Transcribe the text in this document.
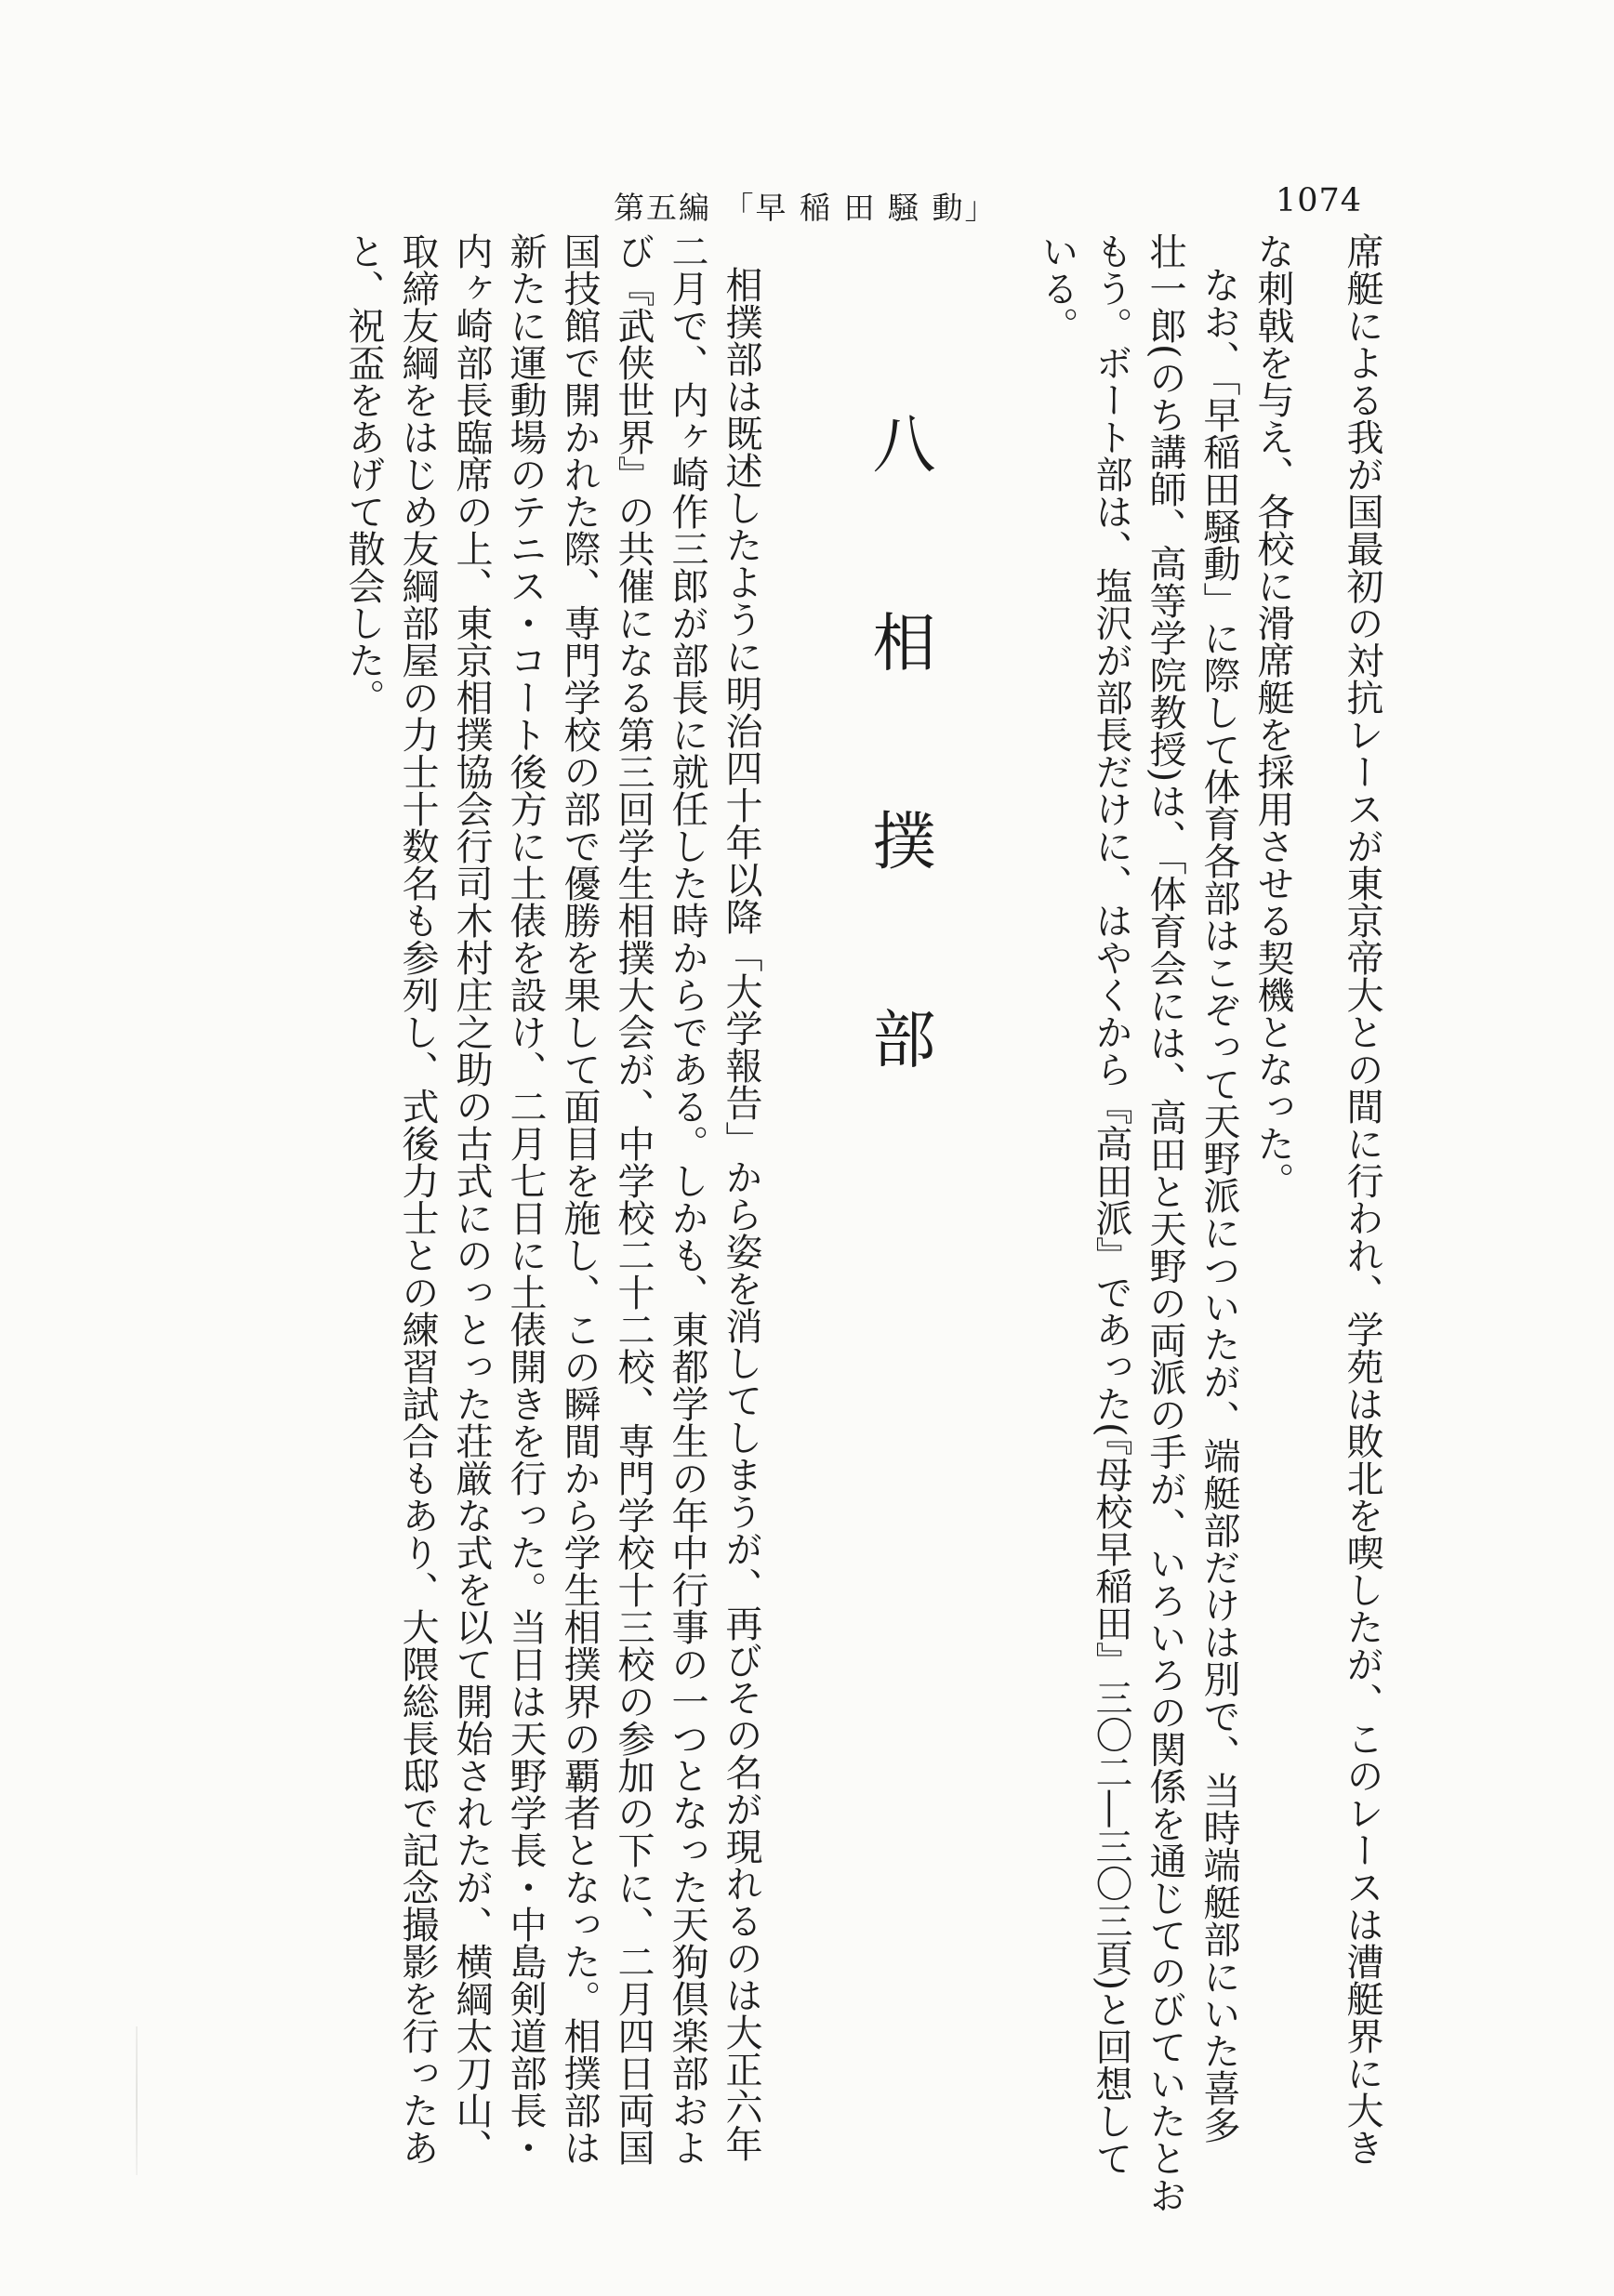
第五編 「早 稲 田 騒 動」	1074
席艇による我が国最初の対抗レースが東京帝大との間に行われ、学苑は敗北を喫したが、このレースは漕艇界に大き
な刺戟を与え、各校に滑席艇を採用させる契機となった。
なお、「早稲田騒動」に際して体育各部はこぞって天野派についたが、端艇部だけは別で、当時端艇部にいた喜多
壮一郎(のち講師、高等学院教授)は、「体育会には、高田と天野の両派の手が、いろいろの関係を通じてのびていたとお
もう。ボート部は、塩沢が部長だけに、はやくから『高田派』であった(『母校早稲田』三〇二―三〇三頁)と回想して
いる。
八 相 撲 部
相撲部は既述したように明治四十年以降「大学報告」から姿を消してしまうが、再びその名が現れるのは大正六年
二月で、内ヶ崎作三郎が部長に就任した時からである。しかも、東都学生の年中行事の一つとなった天狗倶楽部およ
び『武侠世界』の共催になる第三回学生相撲大会が、中学校二十二校、専門学校十三校の参加の下に、二月四日両国
国技館で開かれた際、専門学校の部で優勝を果して面目を施し、この瞬間から学生相撲界の覇者となった。相撲部は
新たに運動場のテニス・コート後方に土俵を設け、二月七日に土俵開きを行った。当日は天野学長・中島剣道部長・
内ヶ崎部長臨席の上、東京相撲協会行司木村庄之助の古式にのっとった荘厳な式を以て開始されたが、横綱太刀山、
取締友綱をはじめ友綱部屋の力士十数名も参列し、式後力士との練習試合もあり、大隈総長邸で記念撮影を行ったあ
と、祝盃をあげて散会した。
